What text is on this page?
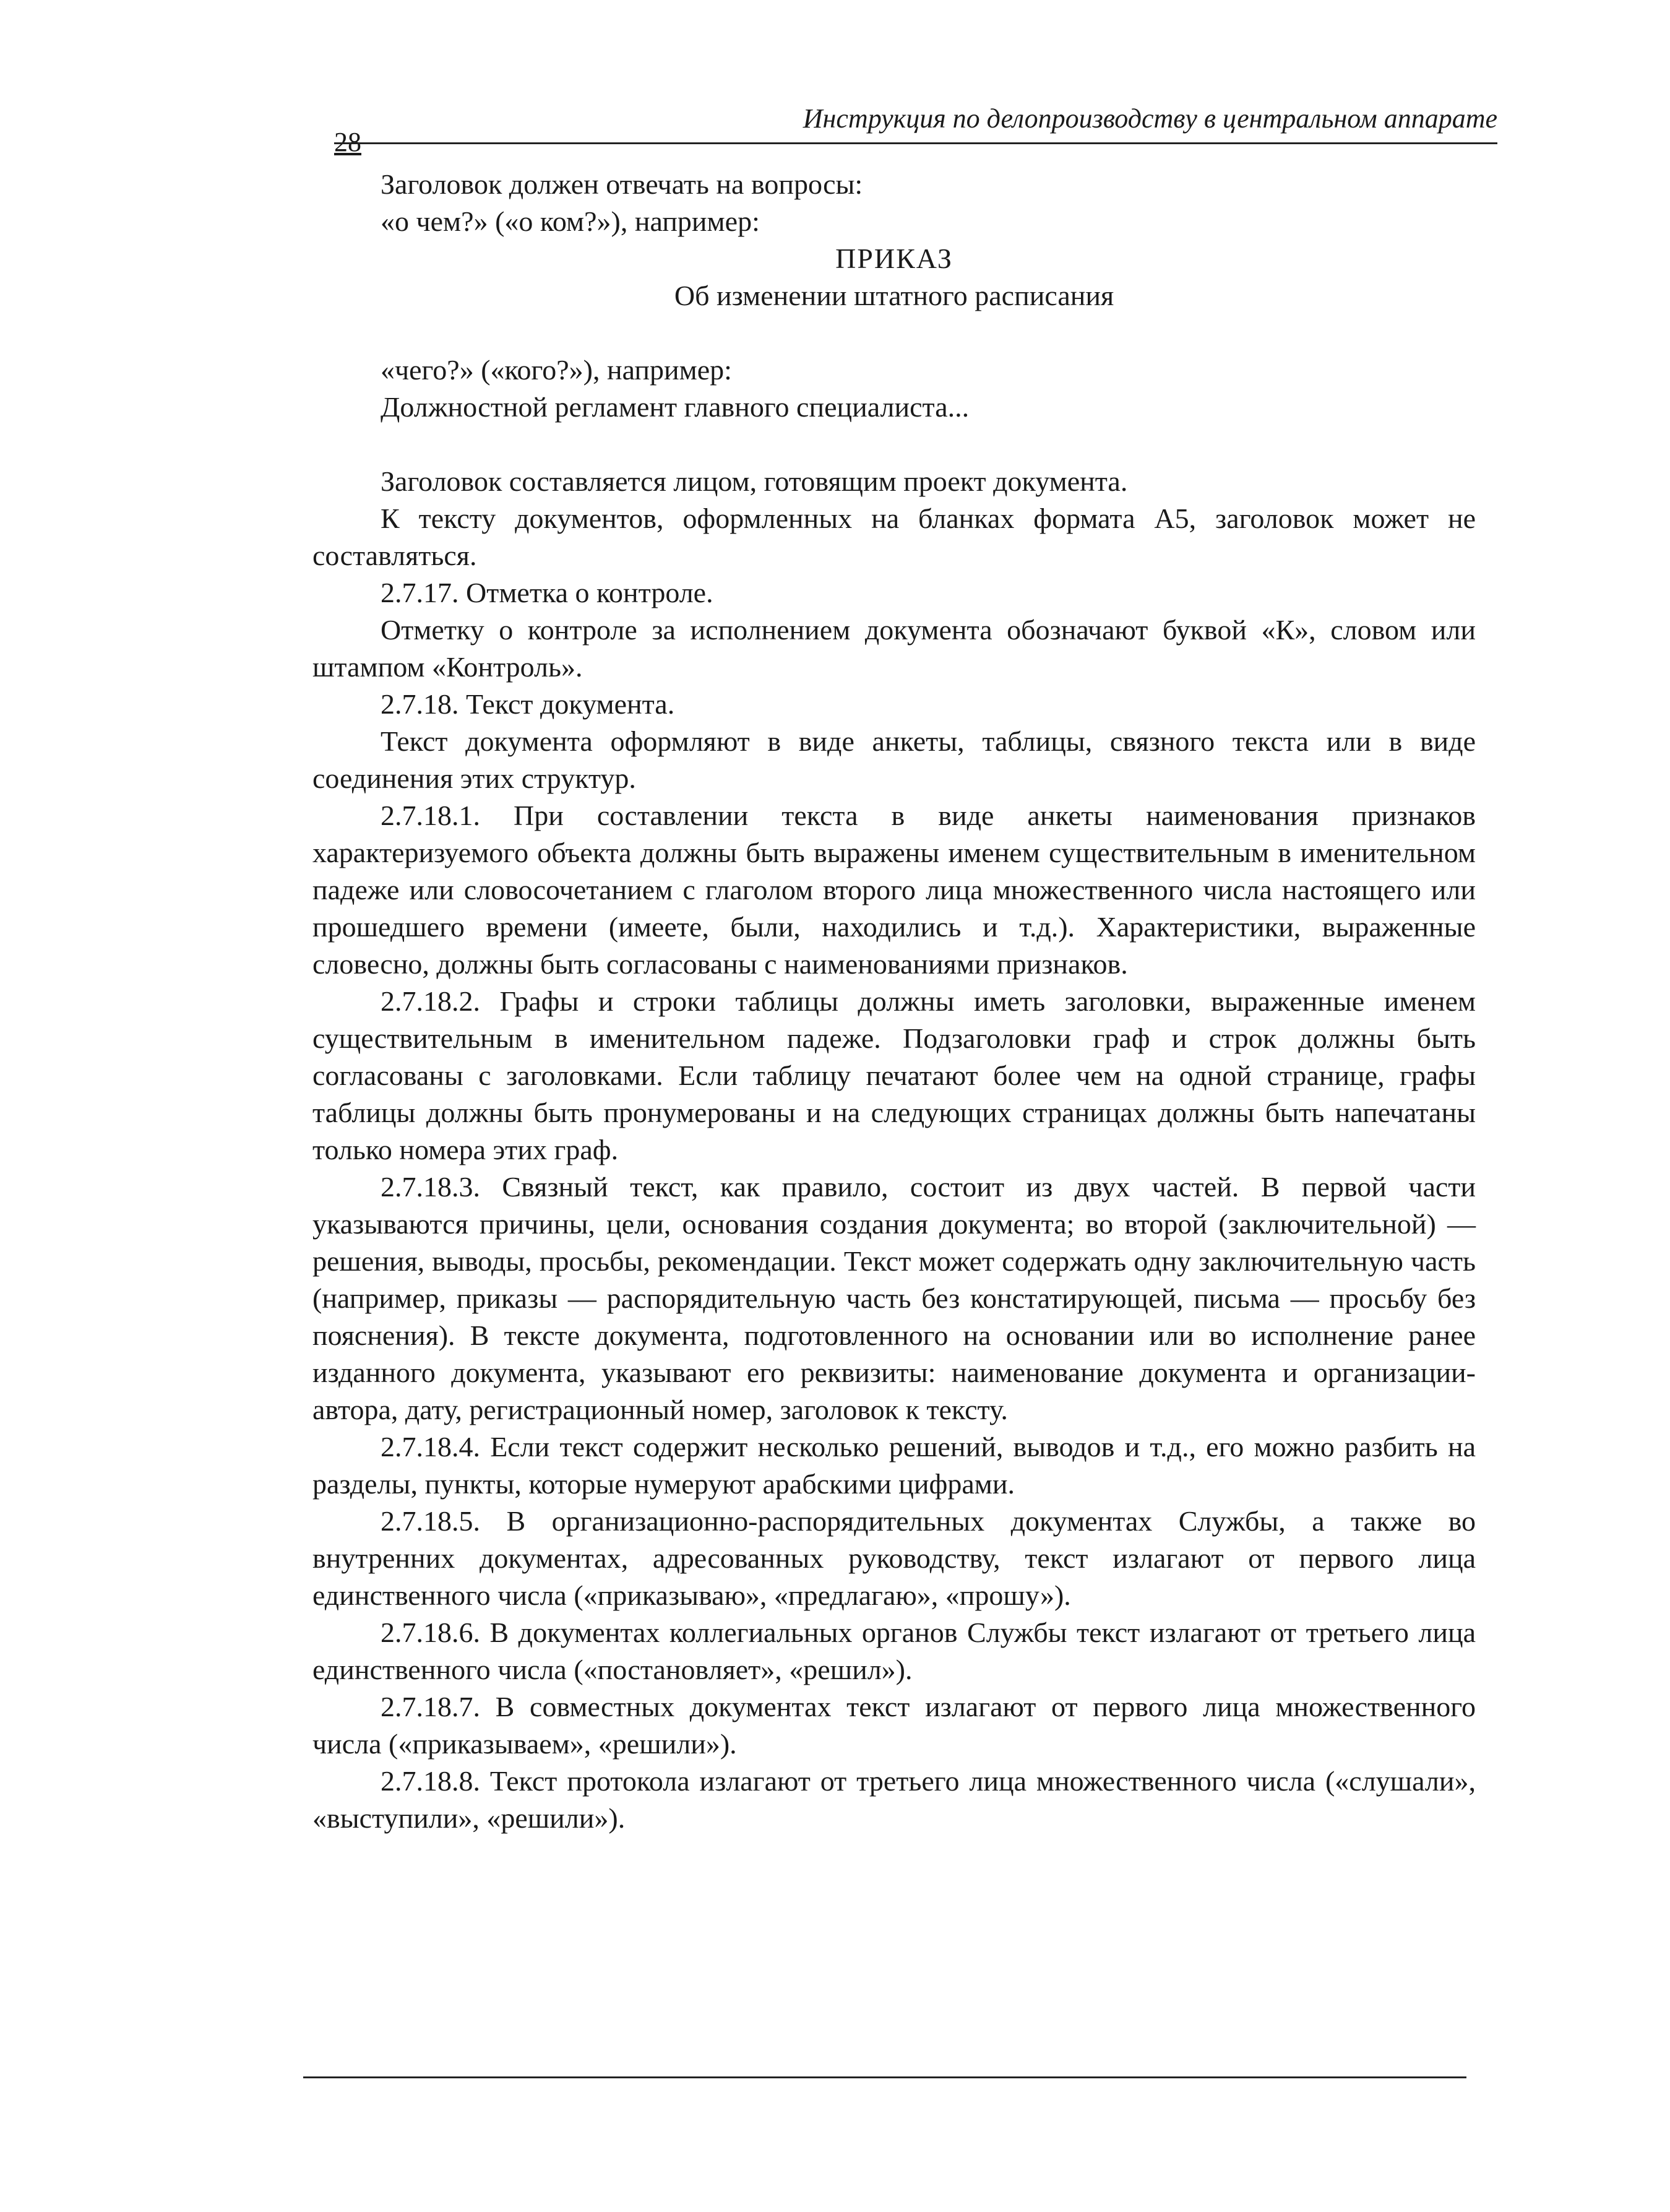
28
Инструкция по делопроизводству в центральном аппарате

Заголовок должен отвечать на вопросы:

«о чем?» («о ком?»), например:

ПРИКАЗ

Об изменении штатного расписания

«чего?» («кого?»), например:

Должностной регламент главного специалиста...

Заголовок составляется лицом, готовящим проект документа.

К тексту документов, оформленных на бланках формата А5, заголовок может не составляться.

2.7.17. Отметка о контроле.

Отметку о контроле за исполнением документа обозначают буквой «К», словом или штампом «Контроль».

2.7.18. Текст документа.

Текст документа оформляют в виде анкеты, таблицы, связного текста или в виде соединения этих структур.

2.7.18.1. При составлении текста в виде анкеты наименования признаков характеризуемого объекта должны быть выражены именем существительным в именительном падеже или словосочетанием с глаголом второго лица множественного числа настоящего или прошедшего времени (имеете, были, находились и т.д.). Характеристики, выраженные словесно, должны быть согласованы с наименованиями признаков.

2.7.18.2. Графы и строки таблицы должны иметь заголовки, выраженные именем существительным в именительном падеже. Подзаголовки граф и строк должны быть согласованы с заголовками. Если таблицу печатают более чем на одной странице, графы таблицы должны быть пронумерованы и на следующих страницах должны быть напечатаны только номера этих граф.

2.7.18.3. Связный текст, как правило, состоит из двух частей. В первой части указываются причины, цели, основания создания документа; во второй (заключительной) — решения, выводы, просьбы, рекомендации. Текст может содержать одну заключительную часть (например, приказы — распорядительную часть без констатирующей, письма — просьбу без пояснения). В тексте документа, подготовленного на основании или во исполнение ранее изданного документа, указывают его реквизиты: наименование документа и организации-автора, дату, регистрационный номер, заголовок к тексту.

2.7.18.4. Если текст содержит несколько решений, выводов и т.д., его можно разбить на разделы, пункты, которые нумеруют арабскими цифрами.

2.7.18.5. В организационно-распорядительных документах Службы, а также во внутренних документах, адресованных руководству, текст излагают от первого лица единственного числа («приказываю», «предлагаю», «прошу»).

2.7.18.6. В документах коллегиальных органов Службы текст излагают от третьего лица единственного числа («постановляет», «решил»).

2.7.18.7. В совместных документах текст излагают от первого лица множественного числа («приказываем», «решили»).

2.7.18.8. Текст протокола излагают от третьего лица множественного числа («слушали», «выступили», «решили»).
